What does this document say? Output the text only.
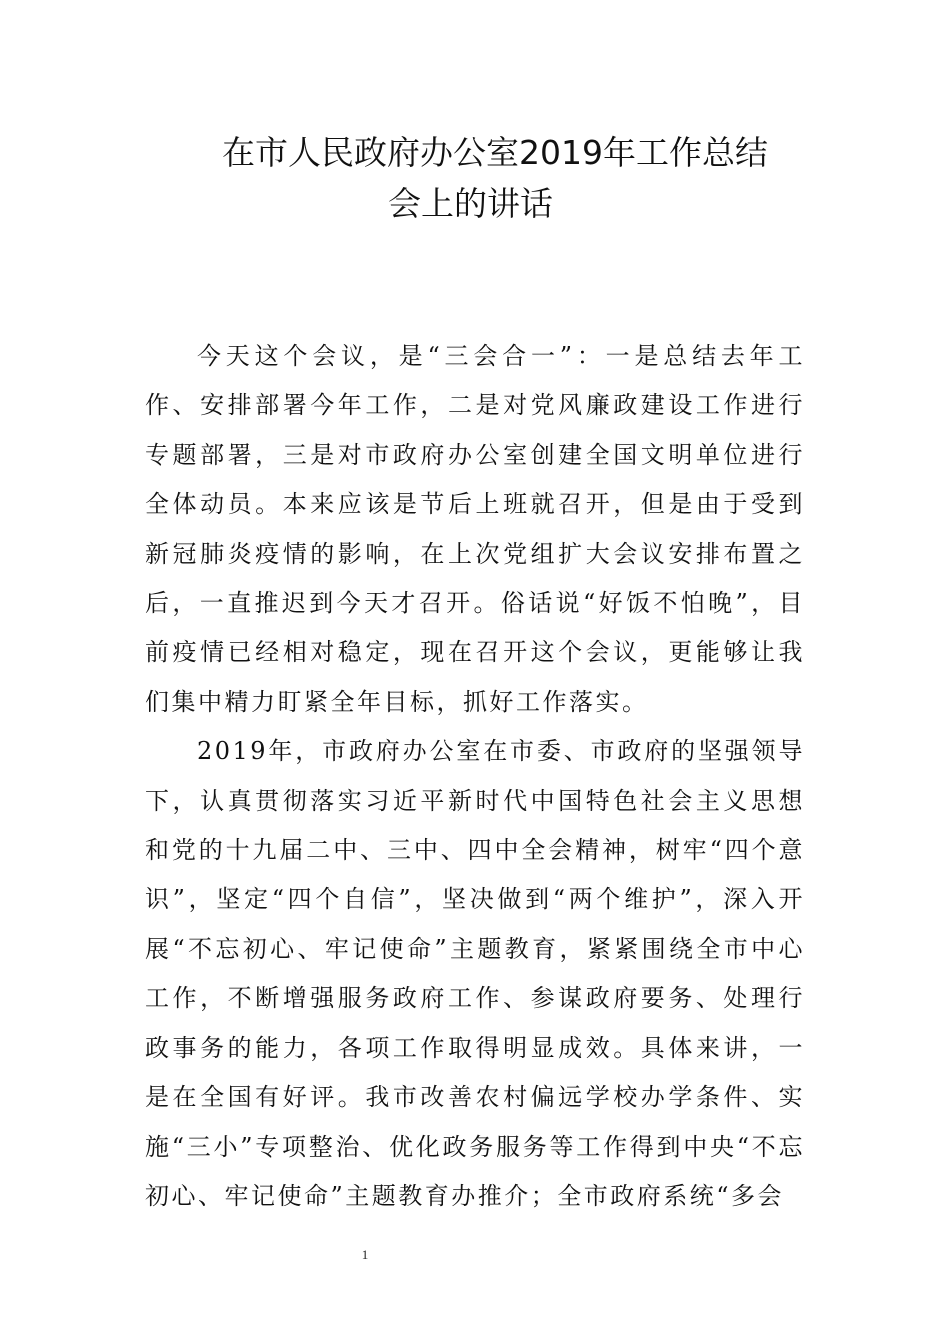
在市人民政府办公室2019年工作总结
会上的讲话

今天这个会议，是“三会合一”：一是总结去年工作、安排部署今年工作，二是对党风廉政建设工作进行专题部署，三是对市政府办公室创建全国文明单位进行全体动员。本来应该是节后上班就召开，但是由于受到新冠肺炎疫情的影响，在上次党组扩大会议安排布置之后，一直推迟到今天才召开。俗话说“好饭不怕晚”，目前疫情已经相对稳定，现在召开这个会议，更能够让我们集中精力盯紧全年目标，抓好工作落实。

2019年，市政府办公室在市委、市政府的坚强领导下，认真贯彻落实习近平新时代中国特色社会主义思想和党的十九届二中、三中、四中全会精神，树牢“四个意识”，坚定“四个自信”，坚决做到“两个维护”，深入开展“不忘初心、牢记使命”主题教育，紧紧围绕全市中心工作，不断增强服务政府工作、参谋政府要务、处理行政事务的能力，各项工作取得明显成效。具体来讲，一是在全国有好评。我市改善农村偏远学校办学条件、实施“三小”专项整治、优化政务服务等工作得到中央“不忘初心、牢记使命”主题教育办推介；全市政府系统“多会

1
